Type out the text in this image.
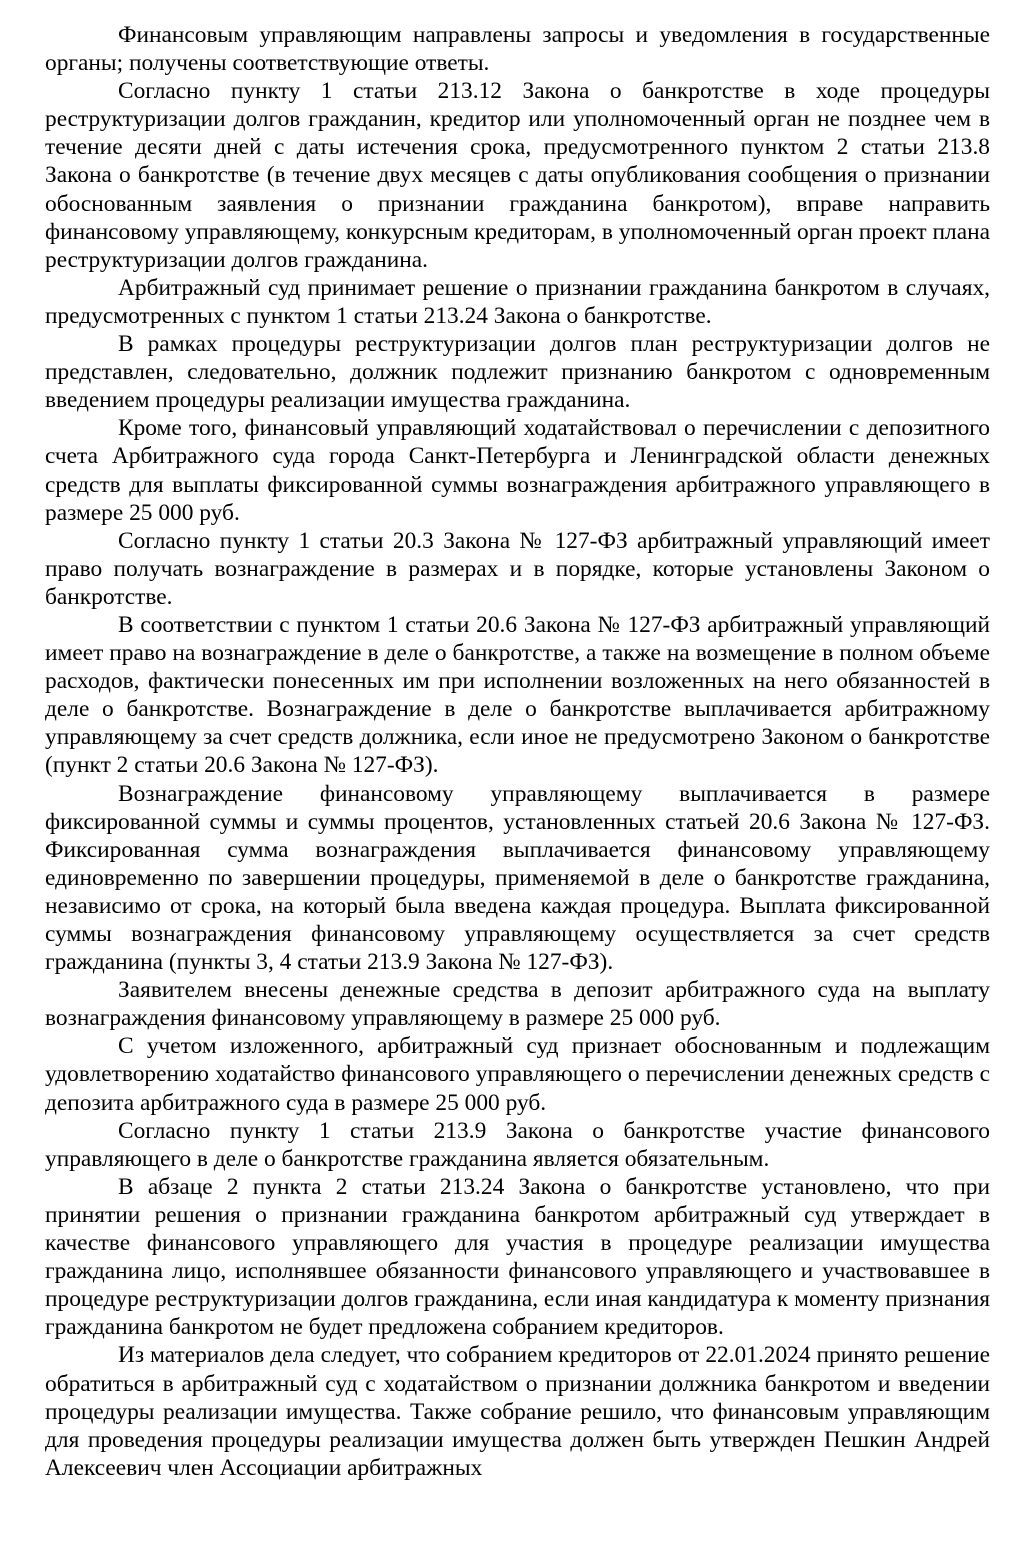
Финансовым управляющим направлены запросы и уведомления в государственные органы; получены соответствующие ответы.

Согласно пункту 1 статьи 213.12 Закона о банкротстве в ходе процедуры реструктуризации долгов гражданин, кредитор или уполномоченный орган не позднее чем в течение десяти дней с даты истечения срока, предусмотренного пунктом 2 статьи 213.8 Закона о банкротстве (в течение двух месяцев с даты опубликования сообщения о признании обоснованным заявления о признании гражданина банкротом), вправе направить финансовому управляющему, конкурсным кредиторам, в уполномоченный орган проект плана реструктуризации долгов гражданина.

Арбитражный суд принимает решение о признании гражданина банкротом в случаях, предусмотренных с пунктом 1 статьи 213.24 Закона о банкротстве.

В рамках процедуры реструктуризации долгов план реструктуризации долгов не представлен, следовательно, должник подлежит признанию банкротом с одновременным введением процедуры реализации имущества гражданина.

Кроме того, финансовый управляющий ходатайствовал о перечислении с депозитного счета Арбитражного суда города Санкт-Петербурга и Ленинградской области денежных средств для выплаты фиксированной суммы вознаграждения арбитражного управляющего в размере 25 000 руб.

Согласно пункту 1 статьи 20.3 Закона № 127-ФЗ арбитражный управляющий имеет право получать вознаграждение в размерах и в порядке, которые установлены Законом о банкротстве.

В соответствии с пунктом 1 статьи 20.6 Закона № 127-ФЗ арбитражный управляющий имеет право на вознаграждение в деле о банкротстве, а также на возмещение в полном объеме расходов, фактически понесенных им при исполнении возложенных на него обязанностей в деле о банкротстве. Вознаграждение в деле о банкротстве выплачивается арбитражному управляющему за счет средств должника, если иное не предусмотрено Законом о банкротстве (пункт 2 статьи 20.6 Закона № 127-ФЗ).

Вознаграждение финансовому управляющему выплачивается в размере фиксированной суммы и суммы процентов, установленных статьей 20.6 Закона № 127-ФЗ. Фиксированная сумма вознаграждения выплачивается финансовому управляющему единовременно по завершении процедуры, применяемой в деле о банкротстве гражданина, независимо от срока, на который была введена каждая процедура. Выплата фиксированной суммы вознаграждения финансовому управляющему осуществляется за счет средств гражданина (пункты 3, 4 статьи 213.9 Закона № 127-ФЗ).

Заявителем внесены денежные средства в депозит арбитражного суда на выплату вознаграждения финансовому управляющему в размере 25 000 руб.

С учетом изложенного, арбитражный суд признает обоснованным и подлежащим удовлетворению ходатайство финансового управляющего о перечислении денежных средств с депозита арбитражного суда в размере 25 000 руб.

Согласно пункту 1 статьи 213.9 Закона о банкротстве участие финансового управляющего в деле о банкротстве гражданина является обязательным.

В абзаце 2 пункта 2 статьи 213.24 Закона о банкротстве установлено, что при принятии решения о признании гражданина банкротом арбитражный суд утверждает в качестве финансового управляющего для участия в процедуре реализации имущества гражданина лицо, исполнявшее обязанности финансового управляющего и участвовавшее в процедуре реструктуризации долгов гражданина, если иная кандидатура к моменту признания гражданина банкротом не будет предложена собранием кредиторов.

Из материалов дела следует, что собранием кредиторов от 22.01.2024 принято решение обратиться в арбитражный суд с ходатайством о признании должника банкротом и введении процедуры реализации имущества. Также собрание решило, что финансовым управляющим для проведения процедуры реализации имущества должен быть утвержден Пешкин Андрей Алексеевич член Ассоциации арбитражных
